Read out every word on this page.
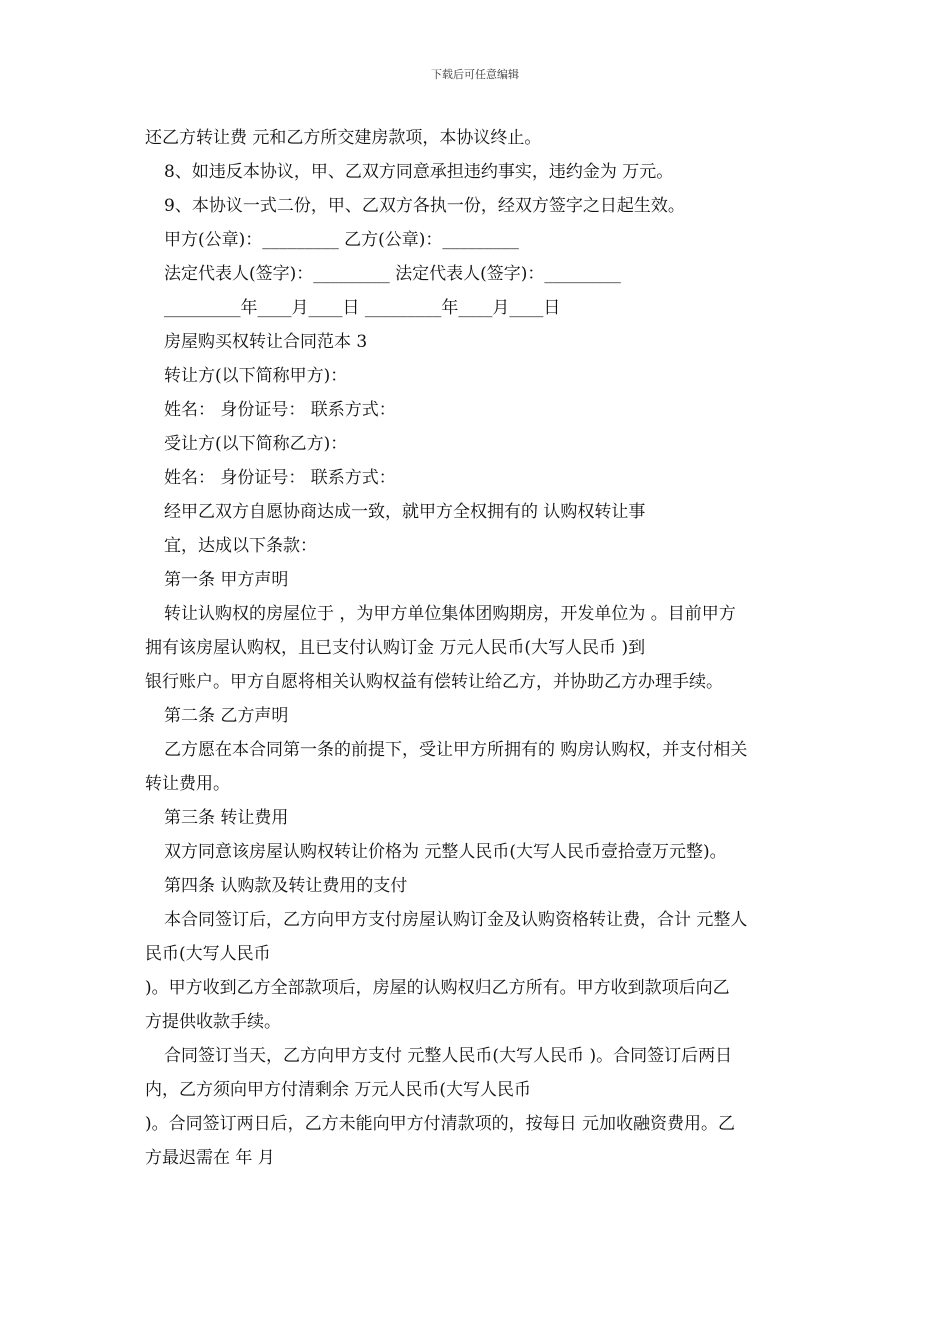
下载后可任意编辑
还乙方转让费 元和乙方所交建房款项，本协议终止。
8、如违反本协议，甲、乙双方同意承担违约事实，违约金为 万元。
9、本协议一式二份，甲、乙双方各执一份，经双方签字之日起生效。
甲方(公章)：_________ 乙方(公章)：_________
法定代表人(签字)：_________ 法定代表人(签字)：_________
_________年____月____日 _________年____月____日
房屋购买权转让合同范本 3
转让方(以下简称甲方)：
姓名： 身份证号： 联系方式：
受让方(以下简称乙方)：
姓名： 身份证号： 联系方式：
经甲乙双方自愿协商达成一致，就甲方全权拥有的 认购权转让事
宜，达成以下条款：
第一条 甲方声明
转让认购权的房屋位于 ，为甲方单位集体团购期房，开发单位为 。目前甲方
拥有该房屋认购权，且已支付认购订金 万元人民币(大写人民币 )到
银行账户。甲方自愿将相关认购权益有偿转让给乙方，并协助乙方办理手续。
第二条 乙方声明
乙方愿在本合同第一条的前提下，受让甲方所拥有的 购房认购权，并支付相关
转让费用。
第三条 转让费用
双方同意该房屋认购权转让价格为 元整人民币(大写人民币壹拾壹万元整)。
第四条 认购款及转让费用的支付
本合同签订后，乙方向甲方支付房屋认购订金及认购资格转让费，合计 元整人
民币(大写人民币
)。甲方收到乙方全部款项后，房屋的认购权归乙方所有。甲方收到款项后向乙
方提供收款手续。
合同签订当天，乙方向甲方支付 元整人民币(大写人民币 )。合同签订后两日
内，乙方须向甲方付清剩余 万元人民币(大写人民币
)。合同签订两日后，乙方未能向甲方付清款项的，按每日 元加收融资费用。乙
方最迟需在 年 月
